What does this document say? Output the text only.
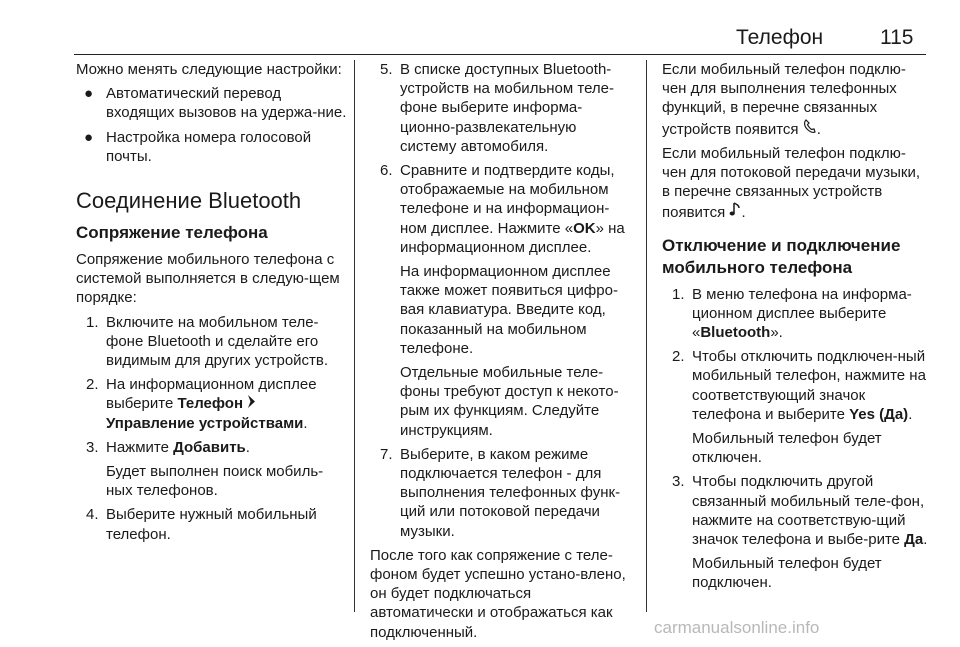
Телефон	115

Можно менять следующие настройки:

● Автоматический перевод входящих вызовов на удержа‐ние.
● Настройка номера голосовой почты.
Соединение Bluetooth
Сопряжение телефона

Сопряжение мобильного телефона с системой выполняется в следую‐щем порядке:

1. Включите на мобильном теле‐фоне Bluetooth и сделайте его видимым для других устройств.
2. На информационном дисплее выберите Телефон
Управление устройствами.
3. Нажмите Добавить.

Будет выполнен поиск мобиль‐ных телефонов.

4. Выберите нужный мобильный телефон.
5. В списке доступных Bluetooth-устройств на мобильном теле‐фоне выберите информа‐ционно-развлекательную систему автомобиля.
6. Сравните и подтвердите коды, отображаемые на мобильном телефоне и на информацион‐ном дисплее. Нажмите «OK» на информационном дисплее.

На информационном дисплее также может появиться цифро‐вая клавиатура. Введите код, показанный на мобильном телефоне.

Отдельные мобильные теле‐фоны требуют доступ к некото‐рым их функциям. Следуйте инструкциям.

7. Выберите, в каком режиме подключается телефон - для выполнения телефонных функ‐ций или потоковой передачи музыки.

После того как сопряжение с теле‐фоном будет успешно устано‐влено, он будет подключаться автоматически и отображаться как подключенный.

Если мобильный телефон подклю‐чен для выполнения телефонных функций, в перечне связанных устройств появится .

Если мобильный телефон подклю‐чен для потоковой передачи музыки, в перечне связанных устройств появится .

Отключение и подключение мобильного телефона
1. В меню телефона на информа‐ционном дисплее выберите «Bluetooth».
2. Чтобы отключить подключен‐ный мобильный телефон, нажмите на соответствующий значок телефона и выберите Yes (Да).

Мобильный телефон будет отключен.

3. Чтобы подключить другой связанный мобильный теле‐фон, нажмите на соответствую‐щий значок телефона и выбе‐рите Да.

Мобильный телефон будет подключен.

carmanualsonline.info
